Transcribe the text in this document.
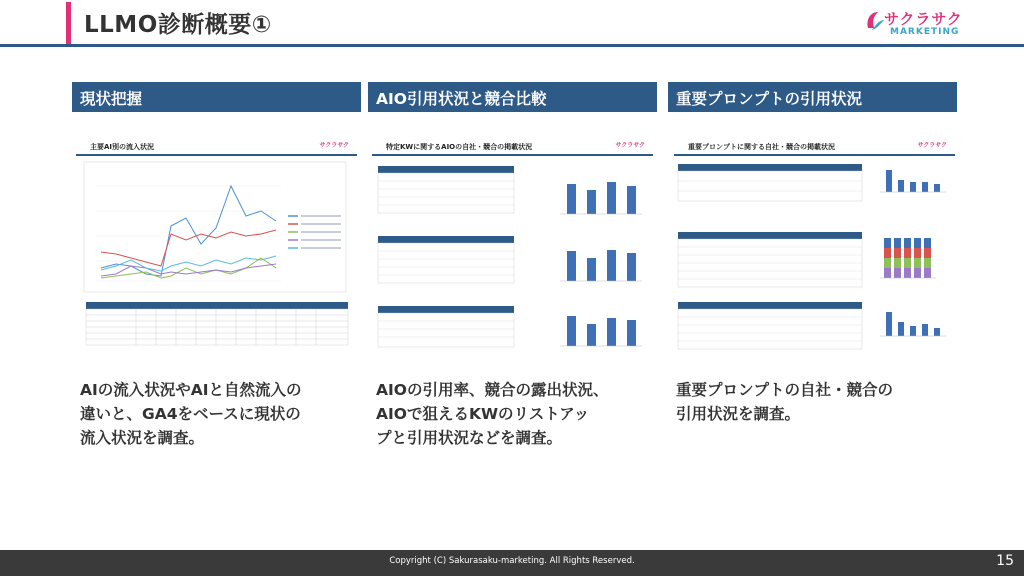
LLMO診断概要①	サクラサク
MARKETING
現状把握	AIO引用状況と競合比較	重要プロンプトの引用状況
主要AI別の流入状況	サクラサク	特定KWに関するAIOの自社・競合の掲載状況	サクラサク	重要プロンプトに関する自社・競合の掲載状況	サクラサク
AIの流入状況やAIと自然流入の
違いと、GA4をベースに現状の
流入状況を調査。
AIOの引用率、競合の露出状況、
AIOで狙えるKWのリストアッ
プと引用状況などを調査。
重要プロンプトの自社・競合の
引用状況を調査。
Copyright (C) Sakurasaku-marketing. All Rights Reserved.	15
